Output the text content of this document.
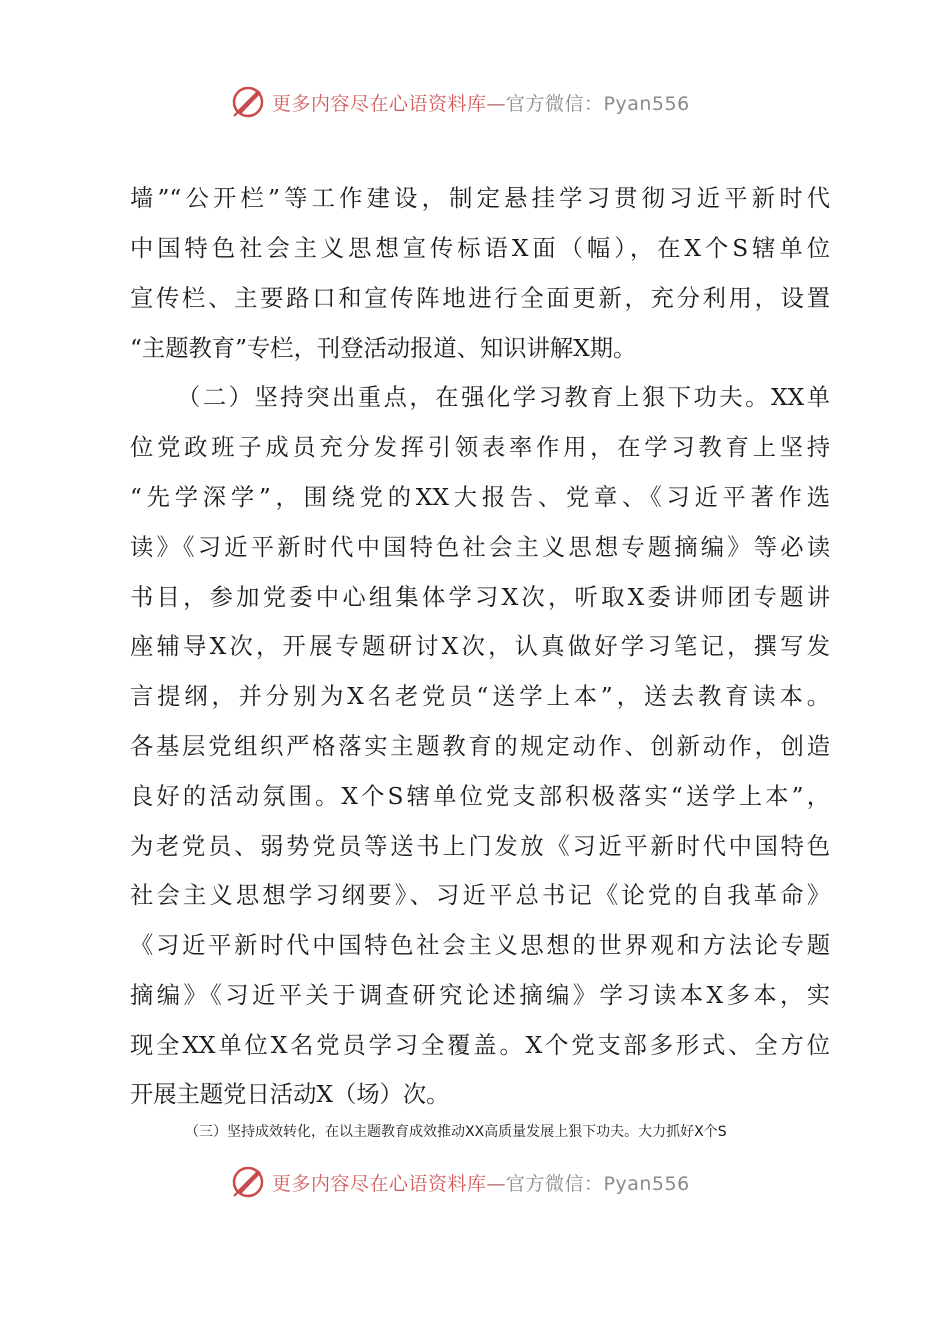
更多内容尽在心语资料库—官方微信：Pyan556
墙”“公开栏”等工作建设，制定悬挂学习贯彻习近平新时代
中国特色社会主义思想宣传标语X面（幅），在X个S辖单位
宣传栏、主要路口和宣传阵地进行全面更新，充分利用，设置
“主题教育”专栏，刊登活动报道、知识讲解X期。
（二）坚持突出重点，在强化学习教育上狠下功夫。XX单
位党政班子成员充分发挥引领表率作用，在学习教育上坚持
“先学深学”，围绕党的XX大报告、党章、《习近平著作选
读》《习近平新时代中国特色社会主义思想专题摘编》等必读
书目，参加党委中心组集体学习X次，听取X委讲师团专题讲
座辅导X次，开展专题研讨X次，认真做好学习笔记，撰写发
言提纲，并分别为X名老党员“送学上本”，送去教育读本。
各基层党组织严格落实主题教育的规定动作、创新动作，创造
良好的活动氛围。X个S辖单位党支部积极落实“送学上本”，
为老党员、弱势党员等送书上门发放《习近平新时代中国特色
社会主义思想学习纲要》、习近平总书记《论党的自我革命》
《习近平新时代中国特色社会主义思想的世界观和方法论专题
摘编》《习近平关于调查研究论述摘编》学习读本X多本，实
现全XX单位X名党员学习全覆盖。X个党支部多形式、全方位
开展主题党日活动X（场）次。
（三）坚持成效转化，在以主题教育成效推动XX高质量发展上狠下功夫。大力抓好X个S
更多内容尽在心语资料库—官方微信：Pyan556
